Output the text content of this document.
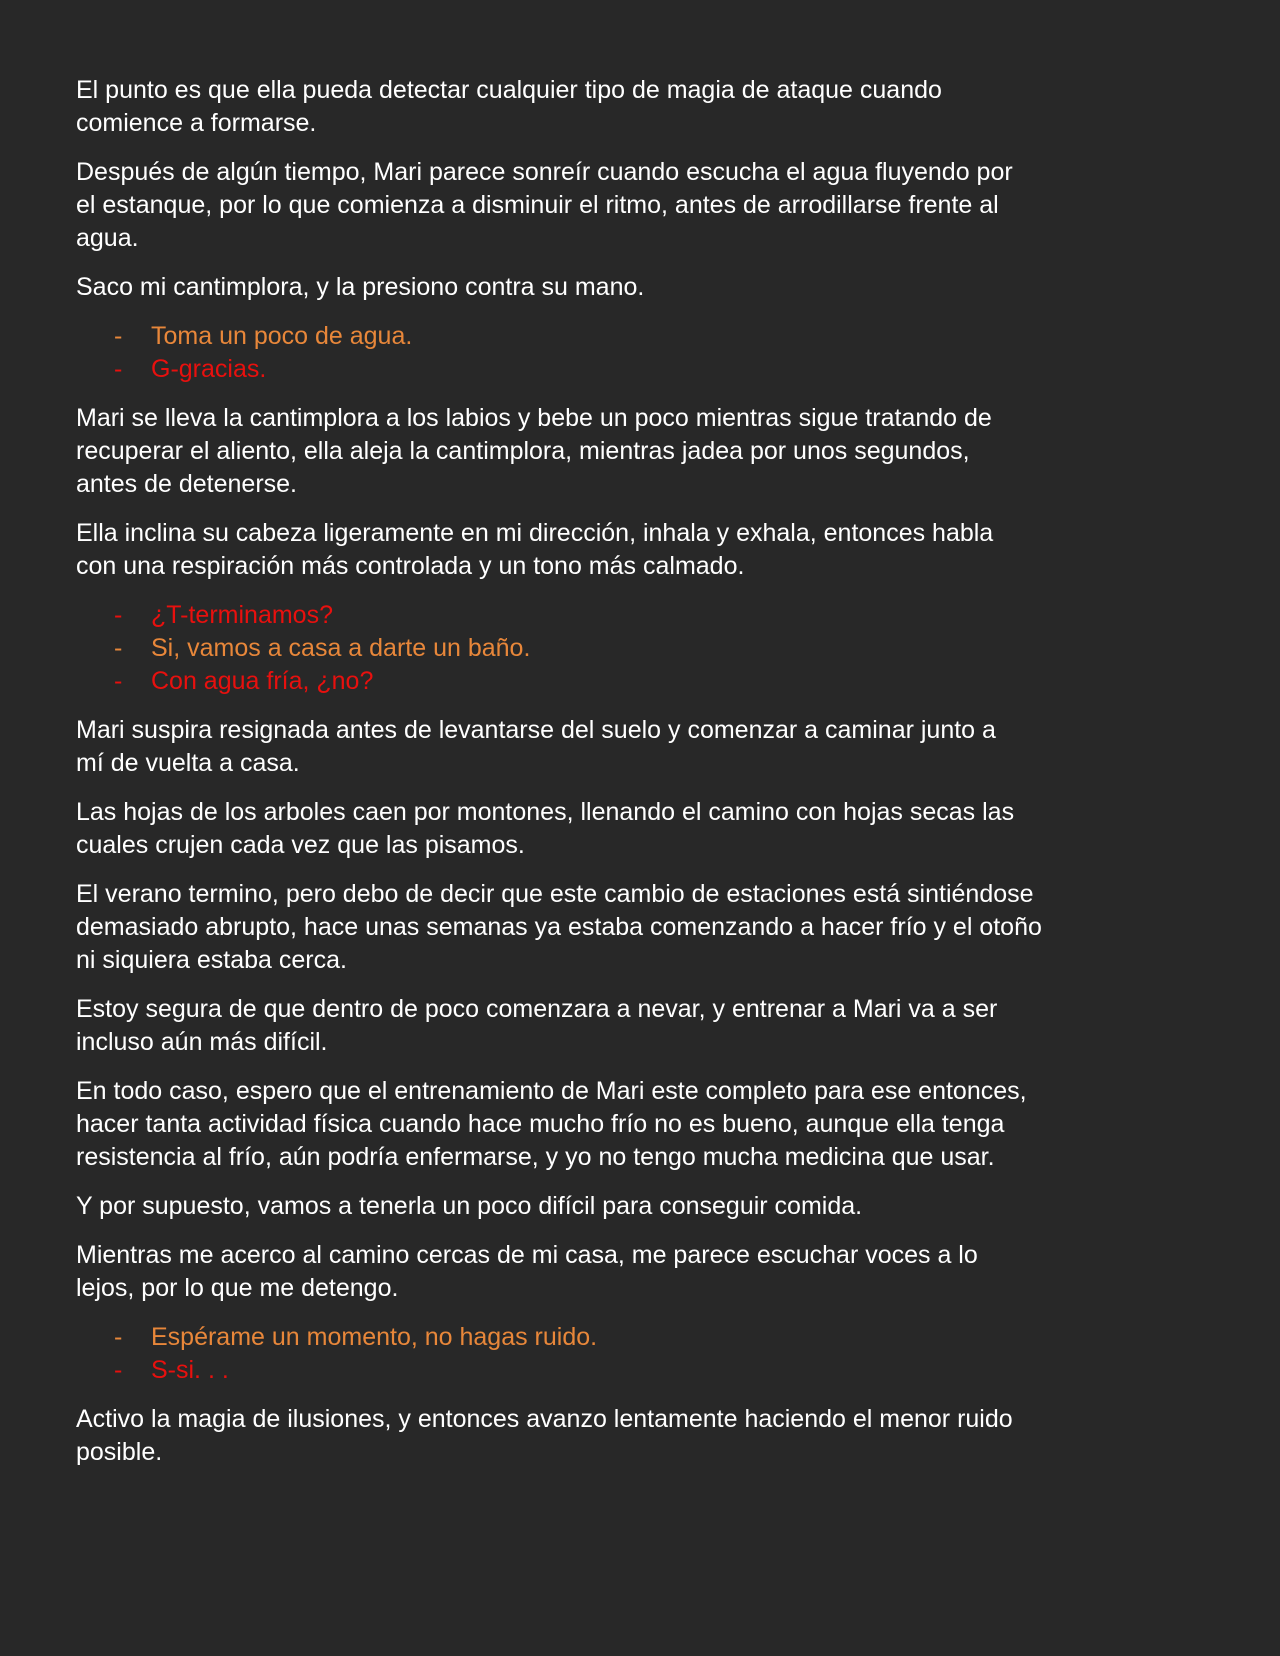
El punto es que ella pueda detectar cualquier tipo de magia de ataque cuando
comience a formarse.
Después de algún tiempo, Mari parece sonreír cuando escucha el agua fluyendo por
el estanque, por lo que comienza a disminuir el ritmo, antes de arrodillarse frente al
agua.
Saco mi cantimplora, y la presiono contra su mano.
- Toma un poco de agua.
- G-gracias.
Mari se lleva la cantimplora a los labios y bebe un poco mientras sigue tratando de
recuperar el aliento, ella aleja la cantimplora, mientras jadea por unos segundos,
antes de detenerse.
Ella inclina su cabeza ligeramente en mi dirección, inhala y exhala, entonces habla
con una respiración más controlada y un tono más calmado.
- ¿T-terminamos?
- Si, vamos a casa a darte un baño.
- Con agua fría, ¿no?
Mari suspira resignada antes de levantarse del suelo y comenzar a caminar junto a
mí de vuelta a casa.
Las hojas de los arboles caen por montones, llenando el camino con hojas secas las
cuales crujen cada vez que las pisamos.
El verano termino, pero debo de decir que este cambio de estaciones está sintiéndose
demasiado abrupto, hace unas semanas ya estaba comenzando a hacer frío y el otoño
ni siquiera estaba cerca.
Estoy segura de que dentro de poco comenzara a nevar, y entrenar a Mari va a ser
incluso aún más difícil.
En todo caso, espero que el entrenamiento de Mari este completo para ese entonces,
hacer tanta actividad física cuando hace mucho frío no es bueno, aunque ella tenga
resistencia al frío, aún podría enfermarse, y yo no tengo mucha medicina que usar.
Y por supuesto, vamos a tenerla un poco difícil para conseguir comida.
Mientras me acerco al camino cercas de mi casa, me parece escuchar voces a lo
lejos, por lo que me detengo.
- Espérame un momento, no hagas ruido.
- S-si. . .
Activo la magia de ilusiones, y entonces avanzo lentamente haciendo el menor ruido
posible.
